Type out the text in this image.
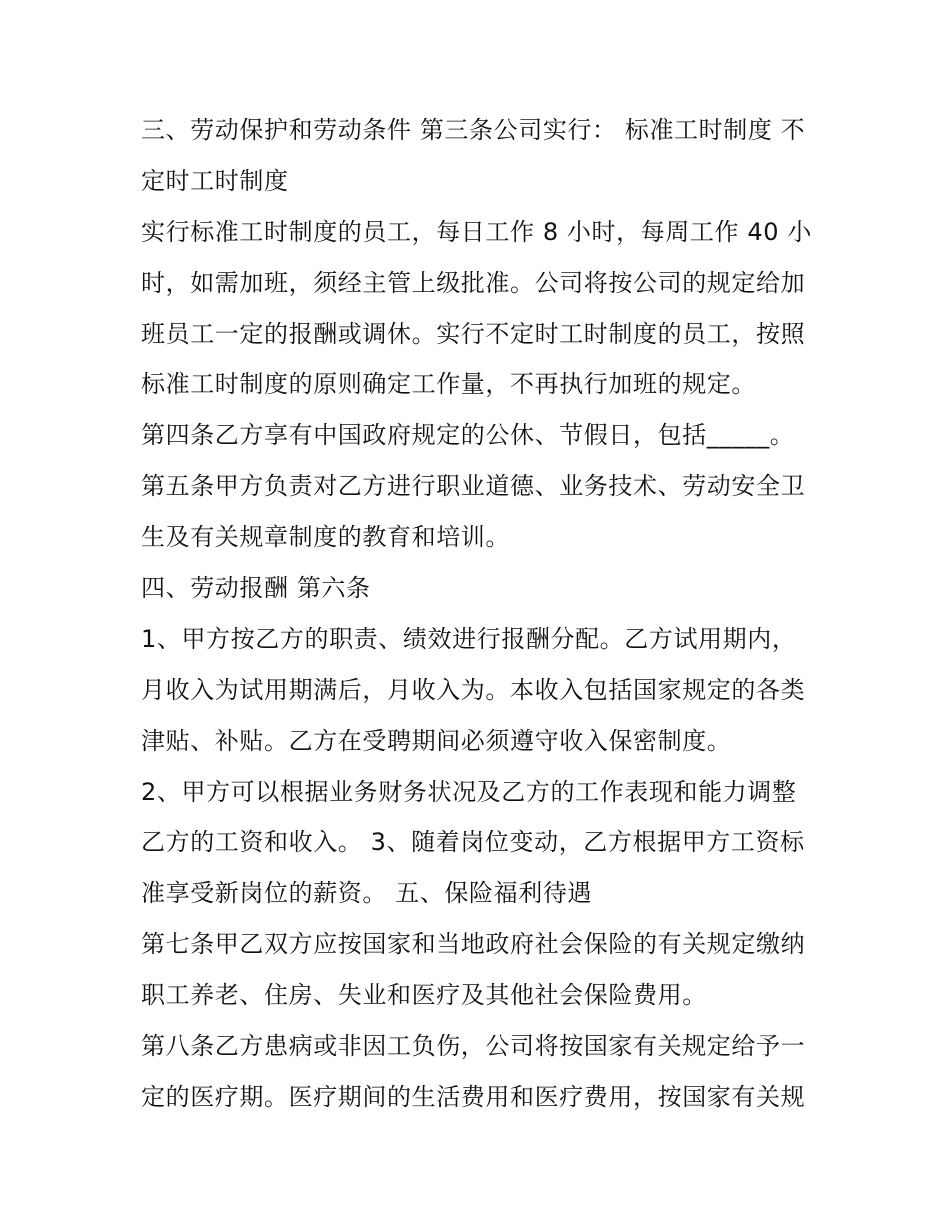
三、劳动保护和劳动条件 第三条公司实行： 标准工时制度 不
定时工时制度
实行标准工时制度的员工，每日工作 8 小时，每周工作 40 小
时，如需加班，须经主管上级批准。公司将按公司的规定给加
班员工一定的报酬或调休。实行不定时工时制度的员工，按照
标准工时制度的原则确定工作量，不再执行加班的规定。
第四条乙方享有中国政府规定的公休、节假日，包括_____。
第五条甲方负责对乙方进行职业道德、业务技术、劳动安全卫
生及有关规章制度的教育和培训。
四、劳动报酬 第六条
1、甲方按乙方的职责、绩效进行报酬分配。乙方试用期内，
月收入为试用期满后，月收入为。本收入包括国家规定的各类
津贴、补贴。乙方在受聘期间必须遵守收入保密制度。
2、甲方可以根据业务财务状况及乙方的工作表现和能力调整
乙方的工资和收入。 3、随着岗位变动，乙方根据甲方工资标
准享受新岗位的薪资。 五、保险福利待遇
第七条甲乙双方应按国家和当地政府社会保险的有关规定缴纳
职工养老、住房、失业和医疗及其他社会保险费用。
第八条乙方患病或非因工负伤，公司将按国家有关规定给予一
定的医疗期。医疗期间的生活费用和医疗费用，按国家有关规
